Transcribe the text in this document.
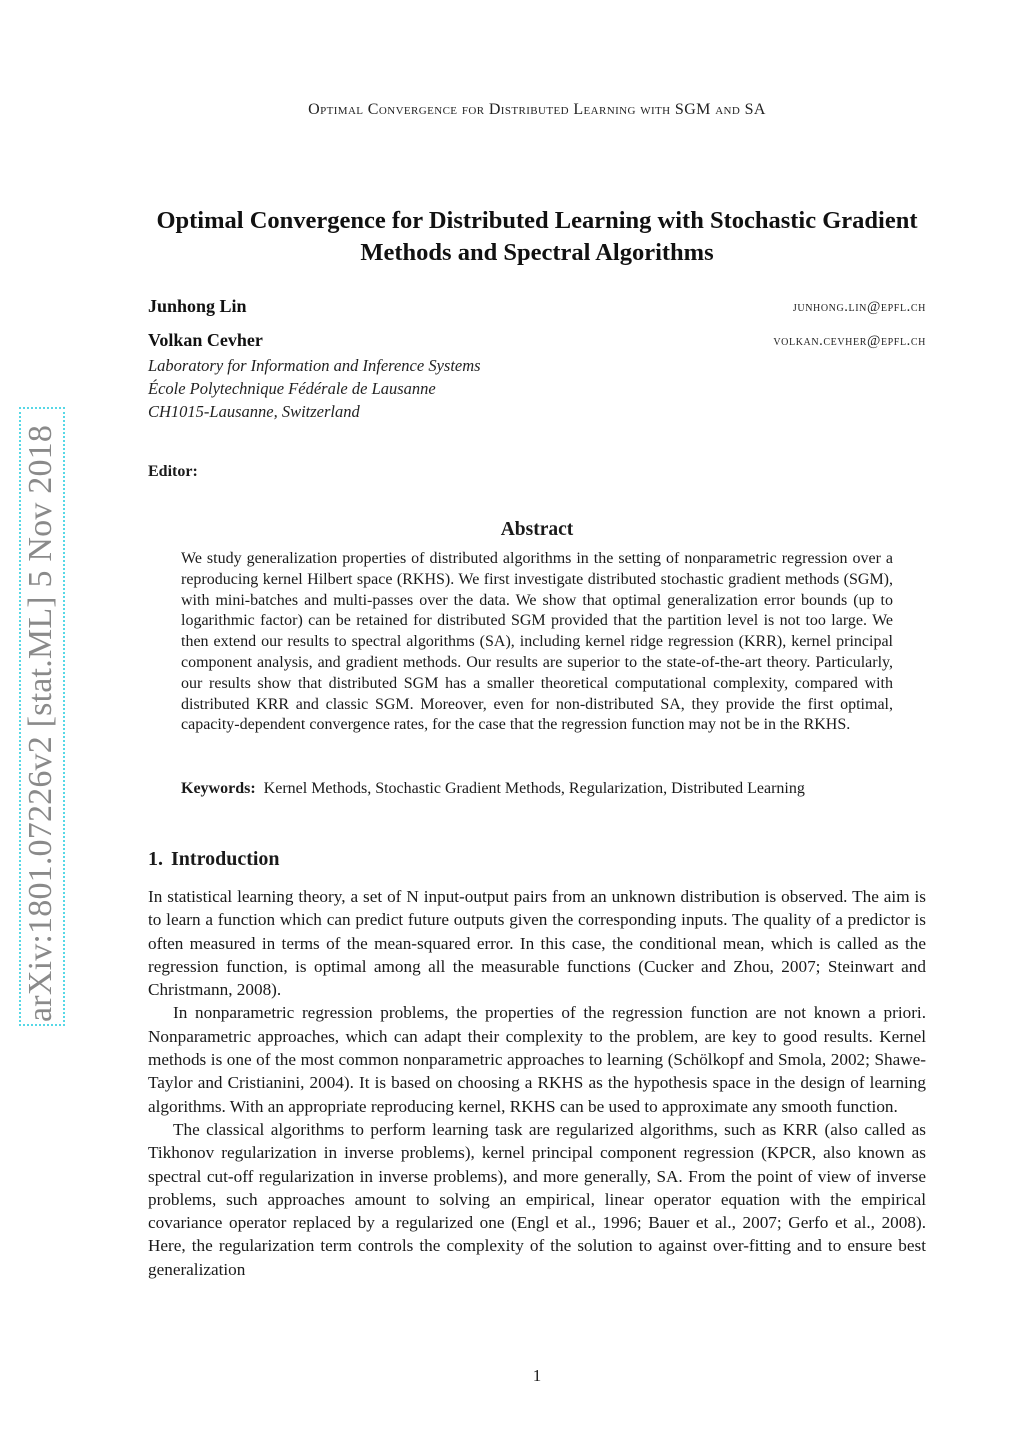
Optimal Convergence for Distributed Learning with SGM and SA
Optimal Convergence for Distributed Learning with Stochastic Gradient Methods and Spectral Algorithms
Junhong Lin	junhong.lin@epfl.ch
Volkan Cevher	volkan.cevher@epfl.ch
Laboratory for Information and Inference Systems
École Polytechnique Fédérale de Lausanne
CH1015-Lausanne, Switzerland
Editor:
Abstract

We study generalization properties of distributed algorithms in the setting of nonparametric regression over a reproducing kernel Hilbert space (RKHS). We first investigate distributed stochastic gradient methods (SGM), with mini-batches and multi-passes over the data. We show that optimal generalization error bounds (up to logarithmic factor) can be retained for distributed SGM provided that the partition level is not too large. We then extend our results to spectral algorithms (SA), including kernel ridge regression (KRR), kernel principal component analysis, and gradient methods. Our results are superior to the state-of-the-art theory. Particularly, our results show that distributed SGM has a smaller theoretical computational complexity, compared with distributed KRR and classic SGM. Moreover, even for non-distributed SA, they provide the first optimal, capacity-dependent convergence rates, for the case that the regression function may not be in the RKHS.

Keywords: Kernel Methods, Stochastic Gradient Methods, Regularization, Distributed Learning
1. Introduction

In statistical learning theory, a set of N input-output pairs from an unknown distribution is observed. The aim is to learn a function which can predict future outputs given the corresponding inputs. The quality of a predictor is often measured in terms of the mean-squared error. In this case, the conditional mean, which is called as the regression function, is optimal among all the measurable functions (Cucker and Zhou, 2007; Steinwart and Christmann, 2008).

In nonparametric regression problems, the properties of the regression function are not known a priori. Nonparametric approaches, which can adapt their complexity to the problem, are key to good results. Kernel methods is one of the most common nonparametric approaches to learning (Schölkopf and Smola, 2002; Shawe-Taylor and Cristianini, 2004). It is based on choosing a RKHS as the hypothesis space in the design of learning algorithms. With an appropriate reproducing kernel, RKHS can be used to approximate any smooth function.

The classical algorithms to perform learning task are regularized algorithms, such as KRR (also called as Tikhonov regularization in inverse problems), kernel principal component regression (KPCR, also known as spectral cut-off regularization in inverse problems), and more generally, SA. From the point of view of inverse problems, such approaches amount to solving an empirical, linear operator equation with the empirical covariance operator replaced by a regularized one (Engl et al., 1996; Bauer et al., 2007; Gerfo et al., 2008). Here, the regularization term controls the complexity of the solution to against over-fitting and to ensure best generalization

1
arXiv:1801.07226v2 [stat.ML] 5 Nov 2018
